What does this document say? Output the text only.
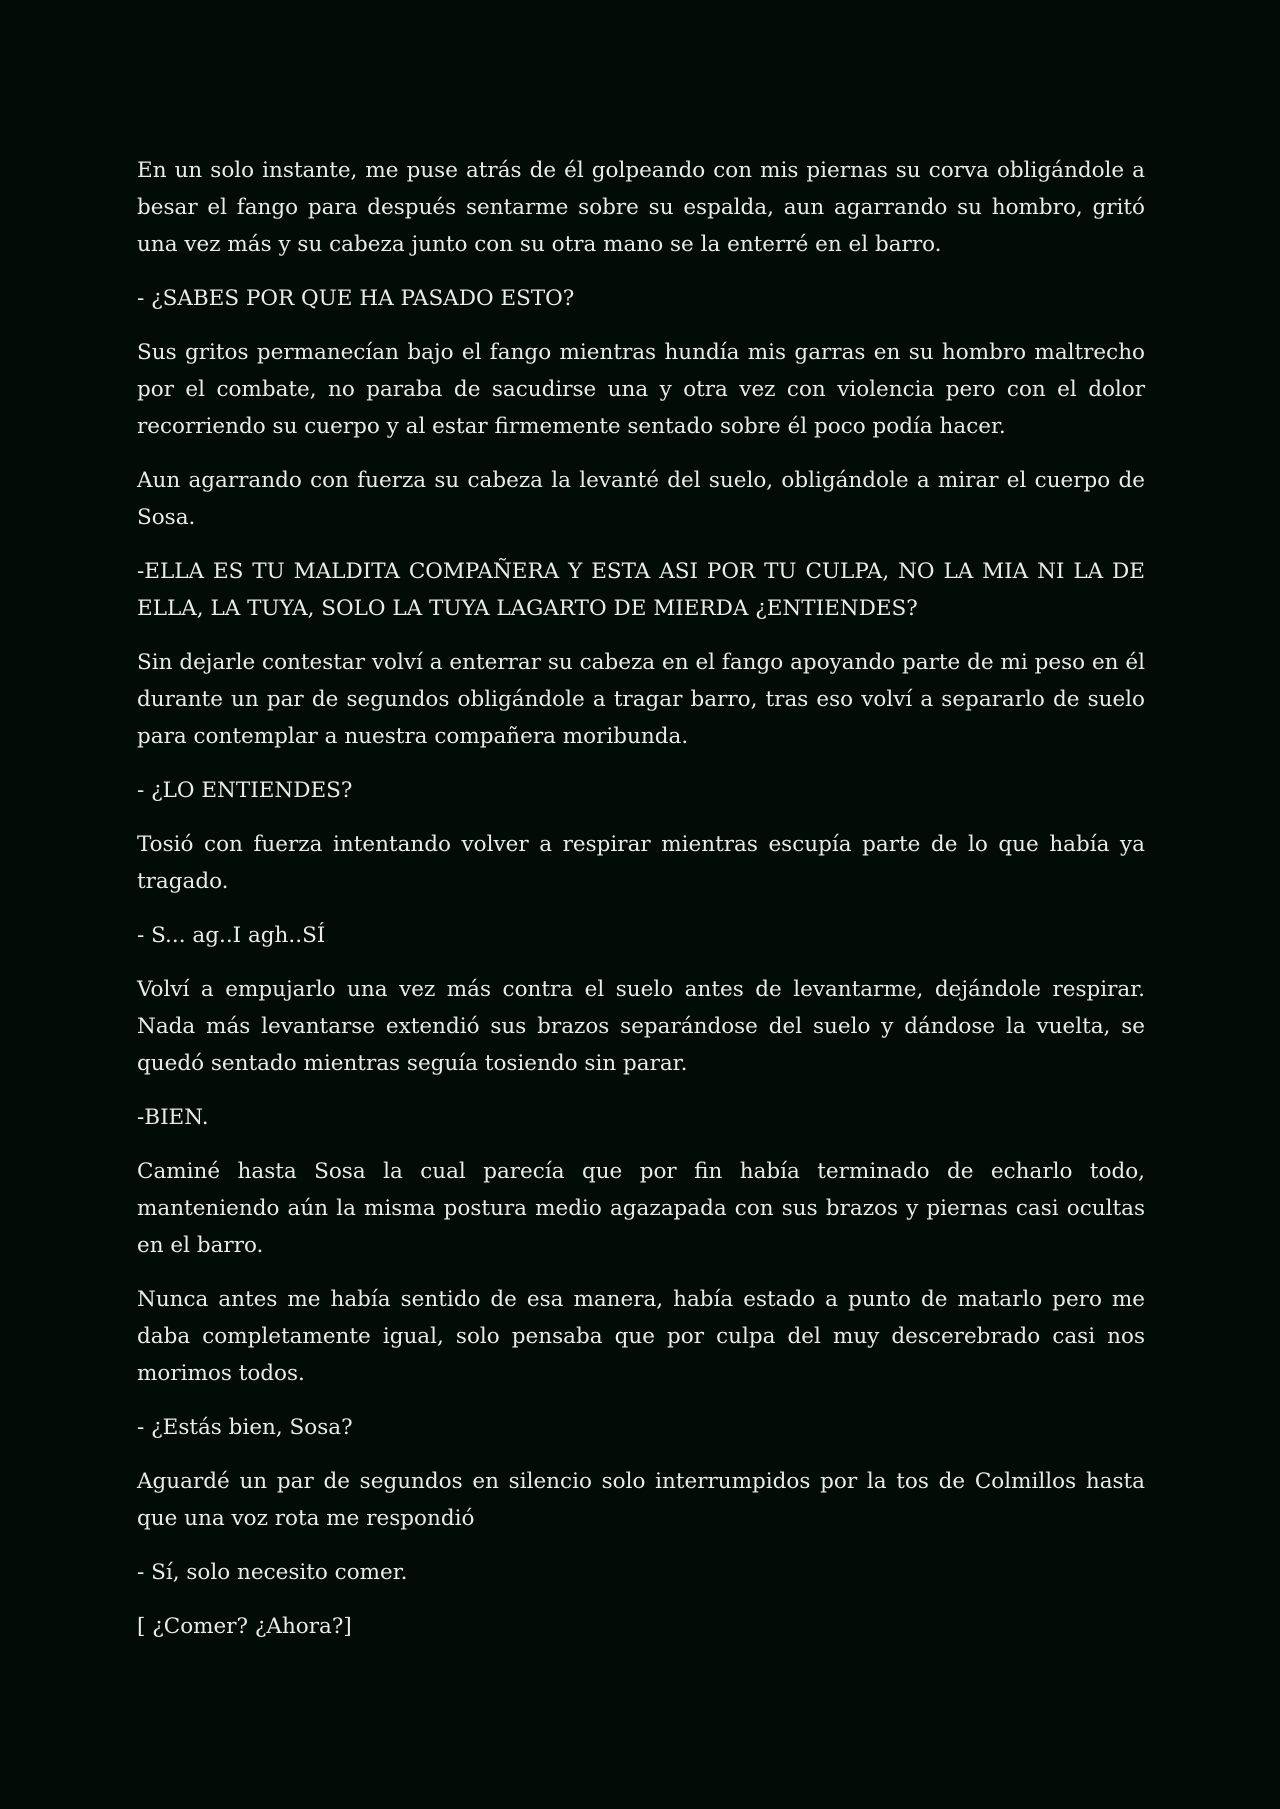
En un solo instante, me puse atrás de él golpeando con mis piernas su corva obligándole a besar el fango para después sentarme sobre su espalda, aun agarrando su hombro, gritó una vez más y su cabeza junto con su otra mano se la enterré en el barro.

- ¿SABES POR QUE HA PASADO ESTO?

Sus gritos permanecían bajo el fango mientras hundía mis garras en su hombro maltrecho por el combate, no paraba de sacudirse una y otra vez con violencia pero con el dolor recorriendo su cuerpo y al estar firmemente sentado sobre él poco podía hacer.

Aun agarrando con fuerza su cabeza la levanté del suelo, obligándole a mirar el cuerpo de Sosa.

-ELLA ES TU MALDITA COMPAÑERA Y ESTA ASI POR TU CULPA, NO LA MIA NI LA DE ELLA, LA TUYA, SOLO LA TUYA LAGARTO DE MIERDA ¿ENTIENDES?

Sin dejarle contestar volví a enterrar su cabeza en el fango apoyando parte de mi peso en él durante un par de segundos obligándole a tragar barro, tras eso volví a separarlo de suelo para contemplar a nuestra compañera moribunda.

- ¿LO ENTIENDES?

Tosió con fuerza intentando volver a respirar mientras escupía parte de lo que había ya tragado.

- S... ag..I agh..SÍ

Volví a empujarlo una vez más contra el suelo antes de levantarme, dejándole respirar. Nada más levantarse extendió sus brazos separándose del suelo y dándose la vuelta, se quedó sentado mientras seguía tosiendo sin parar.

-BIEN.

Caminé hasta Sosa la cual parecía que por fin había terminado de echarlo todo, manteniendo aún la misma postura medio agazapada con sus brazos y piernas casi ocultas en el barro.

Nunca antes me había sentido de esa manera, había estado a punto de matarlo pero me daba completamente igual, solo pensaba que por culpa del muy descerebrado casi nos morimos todos.

- ¿Estás bien, Sosa?

Aguardé un par de segundos en silencio solo interrumpidos por la tos de Colmillos hasta que una voz rota me respondió

- Sí, solo necesito comer.

[ ¿Comer? ¿Ahora?]
